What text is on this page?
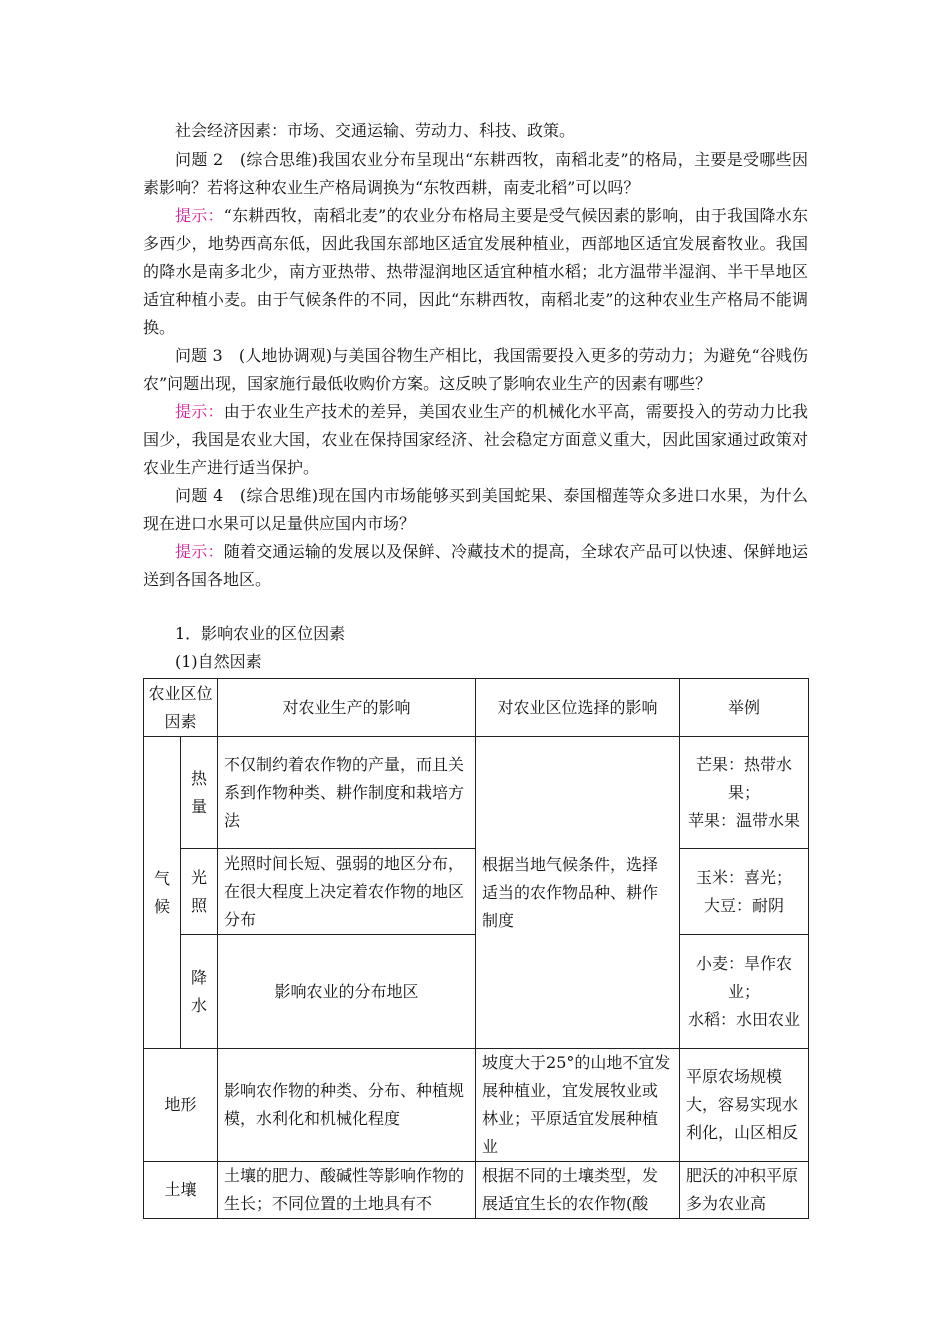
社会经济因素：市场、交通运输、劳动力、科技、政策。

问题 2　(综合思维)我国农业分布呈现出“东耕西牧，南稻北麦”的格局，主要是受哪些因素影响？若将这种农业生产格局调换为“东牧西耕，南麦北稻”可以吗？

提示：“东耕西牧，南稻北麦”的农业分布格局主要是受气候因素的影响，由于我国降水东多西少，地势西高东低，因此我国东部地区适宜发展种植业，西部地区适宜发展畜牧业。我国的降水是南多北少，南方亚热带、热带湿润地区适宜种植水稻；北方温带半湿润、半干旱地区适宜种植小麦。由于气候条件的不同，因此“东耕西牧，南稻北麦”的这种农业生产格局不能调换。

问题 3　(人地协调观)与美国谷物生产相比，我国需要投入更多的劳动力；为避免“谷贱伤农”问题出现，国家施行最低收购价方案。这反映了影响农业生产的因素有哪些？

提示：由于农业生产技术的差异，美国农业生产的机械化水平高，需要投入的劳动力比我国少，我国是农业大国，农业在保持国家经济、社会稳定方面意义重大，因此国家通过政策对农业生产进行适当保护。

问题 4　(综合思维)现在国内市场能够买到美国蛇果、泰国榴莲等众多进口水果，为什么现在进口水果可以足量供应国内市场？

提示：随着交通运输的发展以及保鲜、冷藏技术的提高，全球农产品可以快速、保鲜地运送到各国各地区。

1．影响农业的区位因素

(1)自然因素

农业区位因素		对农业生产的影响	对农业区位选择的影响	举例

气候	热量	不仅制约着农作物的产量，而且关系到作物种类、耕作制度和栽培方法	根据当地气候条件，选择适当的农作物品种、耕作制度	芒果：热带水果；
苹果：温带水果

	光照	光照时间长短、强弱的地区分布，在很大程度上决定着农作物的地区分布		玉米：喜光；
大豆：耐阴

	降水	影响农业的分布地区		小麦：旱作农业；
水稻：水田农业

地形		影响农作物的种类、分布、种植规模，水利化和机械化程度	坡度大于25°的山地不宜发展种植业，宜发展牧业或林业；平原适宜发展种植业	平原农场规模大，容易实现水利化，山区相反
土壤		土壤的肥力、酸碱性等影响作物的生长；不同位置的土地具有不	根据不同的土壤类型，发展适宜生长的农作物(酸	肥沃的冲积平原多为农业高
